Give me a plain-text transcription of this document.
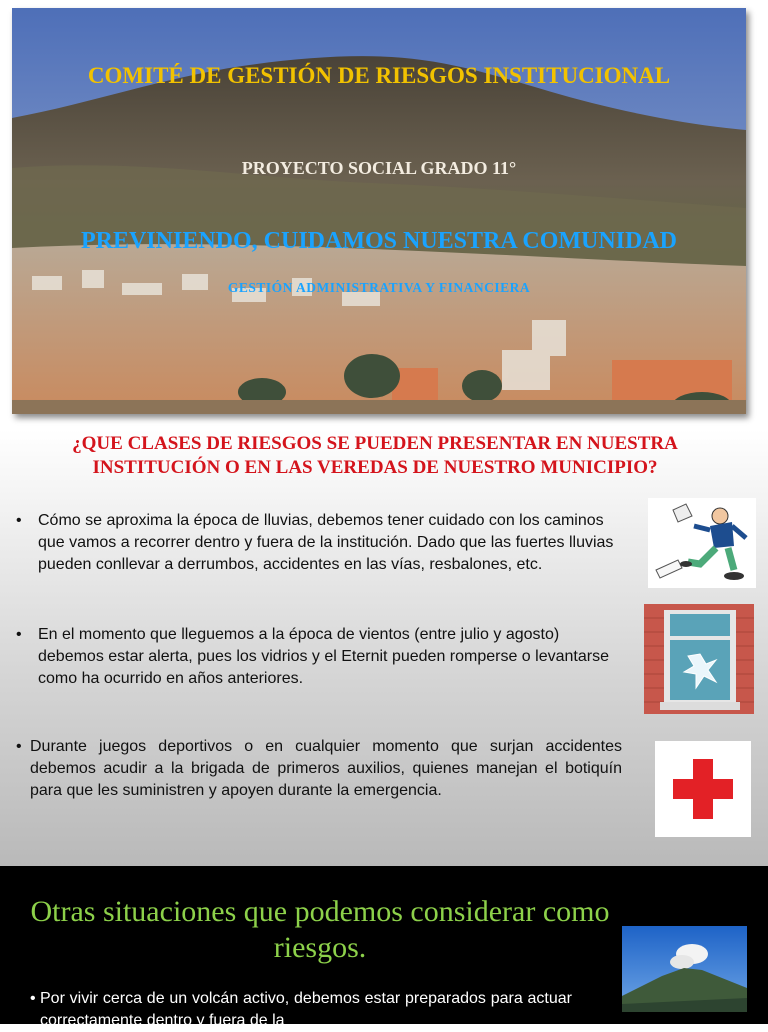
COMITÉ DE GESTIÓN DE RIESGOS INSTITUCIONAL
PROYECTO SOCIAL GRADO 11°
PREVINIENDO, CUIDAMOS NUESTRA COMUNIDAD
GESTIÓN ADMINISTRATIVA Y FINANCIERA
¿QUE CLASES DE RIESGOS SE PUEDEN PRESENTAR EN NUESTRA INSTITUCIÓN O EN LAS VEREDAS DE NUESTRO MUNICIPIO?
• Cómo se aproxima la época de lluvias, debemos tener cuidado con los caminos que vamos a recorrer dentro y fuera de la institución. Dado que las fuertes lluvias pueden conllevar a derrumbos, accidentes en las vías, resbalones, etc.
• En el momento que lleguemos a la época de vientos (entre julio y agosto) debemos estar alerta, pues los vidrios y el Eternit pueden romperse o levantarse como ha ocurrido en años anteriores.
• Durante juegos deportivos o en cualquier momento que surjan accidentes debemos acudir a la brigada de primeros auxilios, quienes manejan el botiquín para que les suministren y apoyen durante la emergencia.
Otras situaciones que podemos considerar como riesgos.
• Por vivir cerca de un volcán activo, debemos estar preparados para actuar correctamente dentro y fuera de la
